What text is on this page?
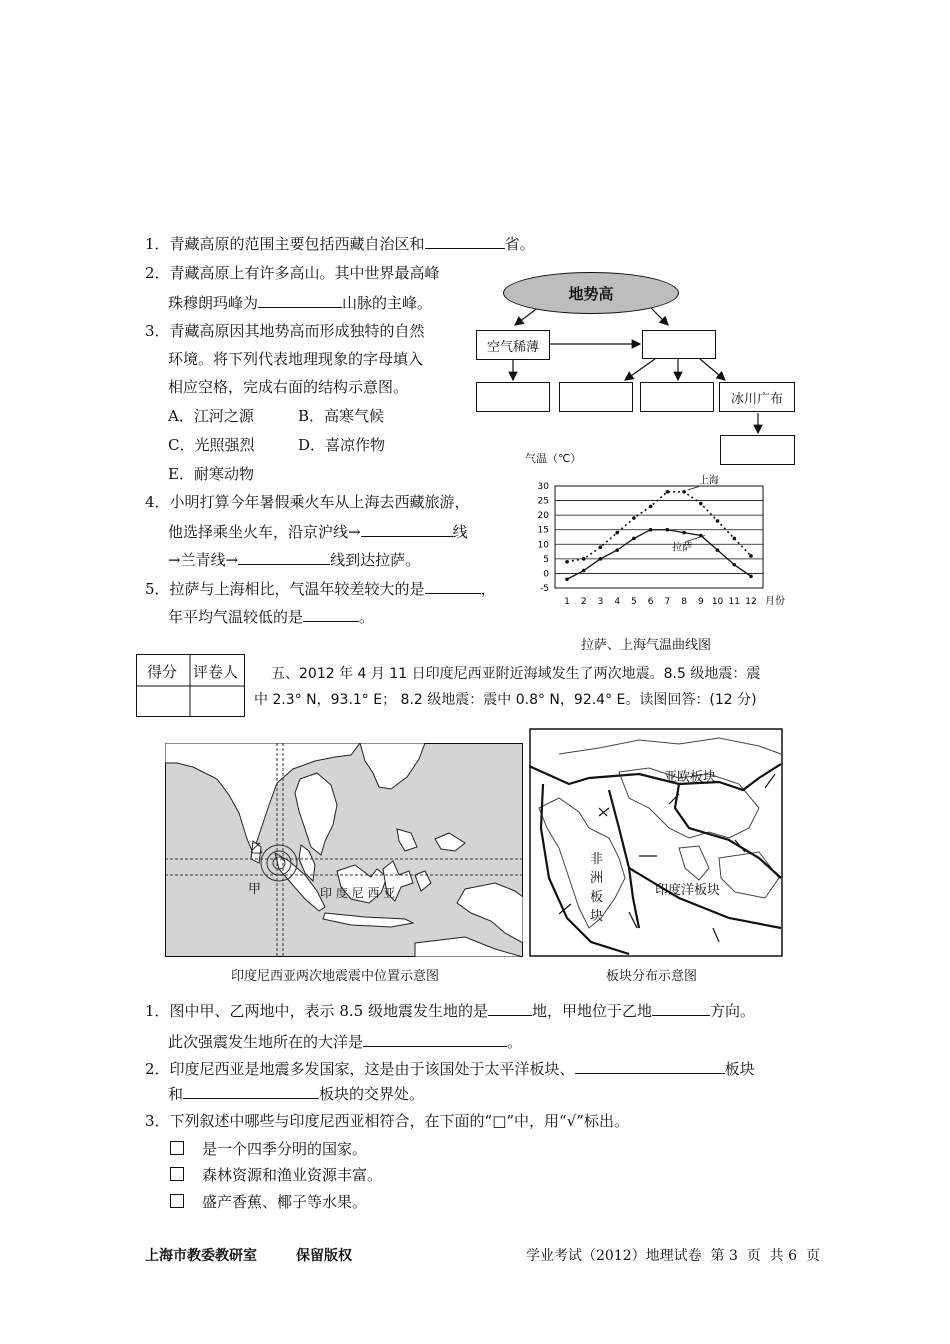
1．青藏高原的范围主要包括西藏自治区和	省。
2．青藏高原上有许多高山。其中世界最高峰
珠穆朗玛峰为	山脉的主峰。
3．青藏高原因其地势高而形成独特的自然
环境。将下列代表地理现象的字母填入
相应空格，完成右面的结构示意图。
A．江河之源	B．高寒气候
C．光照强烈	D．喜凉作物
E．耐寒动物
4．小明打算今年暑假乘火车从上海去西藏旅游，
他选择乘坐火车，沿京沪线→	线
→兰青线→	线到达拉萨。
5．拉萨与上海相比，气温年较差较大的是	，
年平均气温较低的是	。
地势高
空气稀薄
冰川广布
气温（℃）
30
25
20
15
10
5
0
-5
1 2 3 4 5 6 7 8 9 10 11 12 月份
上海
拉萨
拉萨、上海气温曲线图
得分 评卷人 五、2012 年 4 月 11 日印度尼西亚附近海域发生了两次地震。8.5 级地震：震
中 2.3° N，93.1° E； 8.2 级地震：震中 0.8° N，92.4° E。读图回答：(12 分)
乙
甲	印 度 尼 西 亚
印度尼西亚两次地震震中位置示意图
亚欧板块
非洲板块
印度洋板块
板块分布示意图
1．图中甲、乙两地中，表示 8.5 级地震发生地的是	地，甲地位于乙地	方向。
此次强震发生地所在的大洋是	。
2．印度尼西亚是地震多发国家，这是由于该国处于太平洋板块、	板块
和	板块的交界处。
3．下列叙述中哪些与印度尼西亚相符合，在下面的“□”中，用“√”标出。
是一个四季分明的国家。
森林资源和渔业资源丰富。
盛产香蕉、椰子等水果。
上海市教委教研室        保留版权	学业考试（2012）地理试卷  第 3  页  共 6  页
